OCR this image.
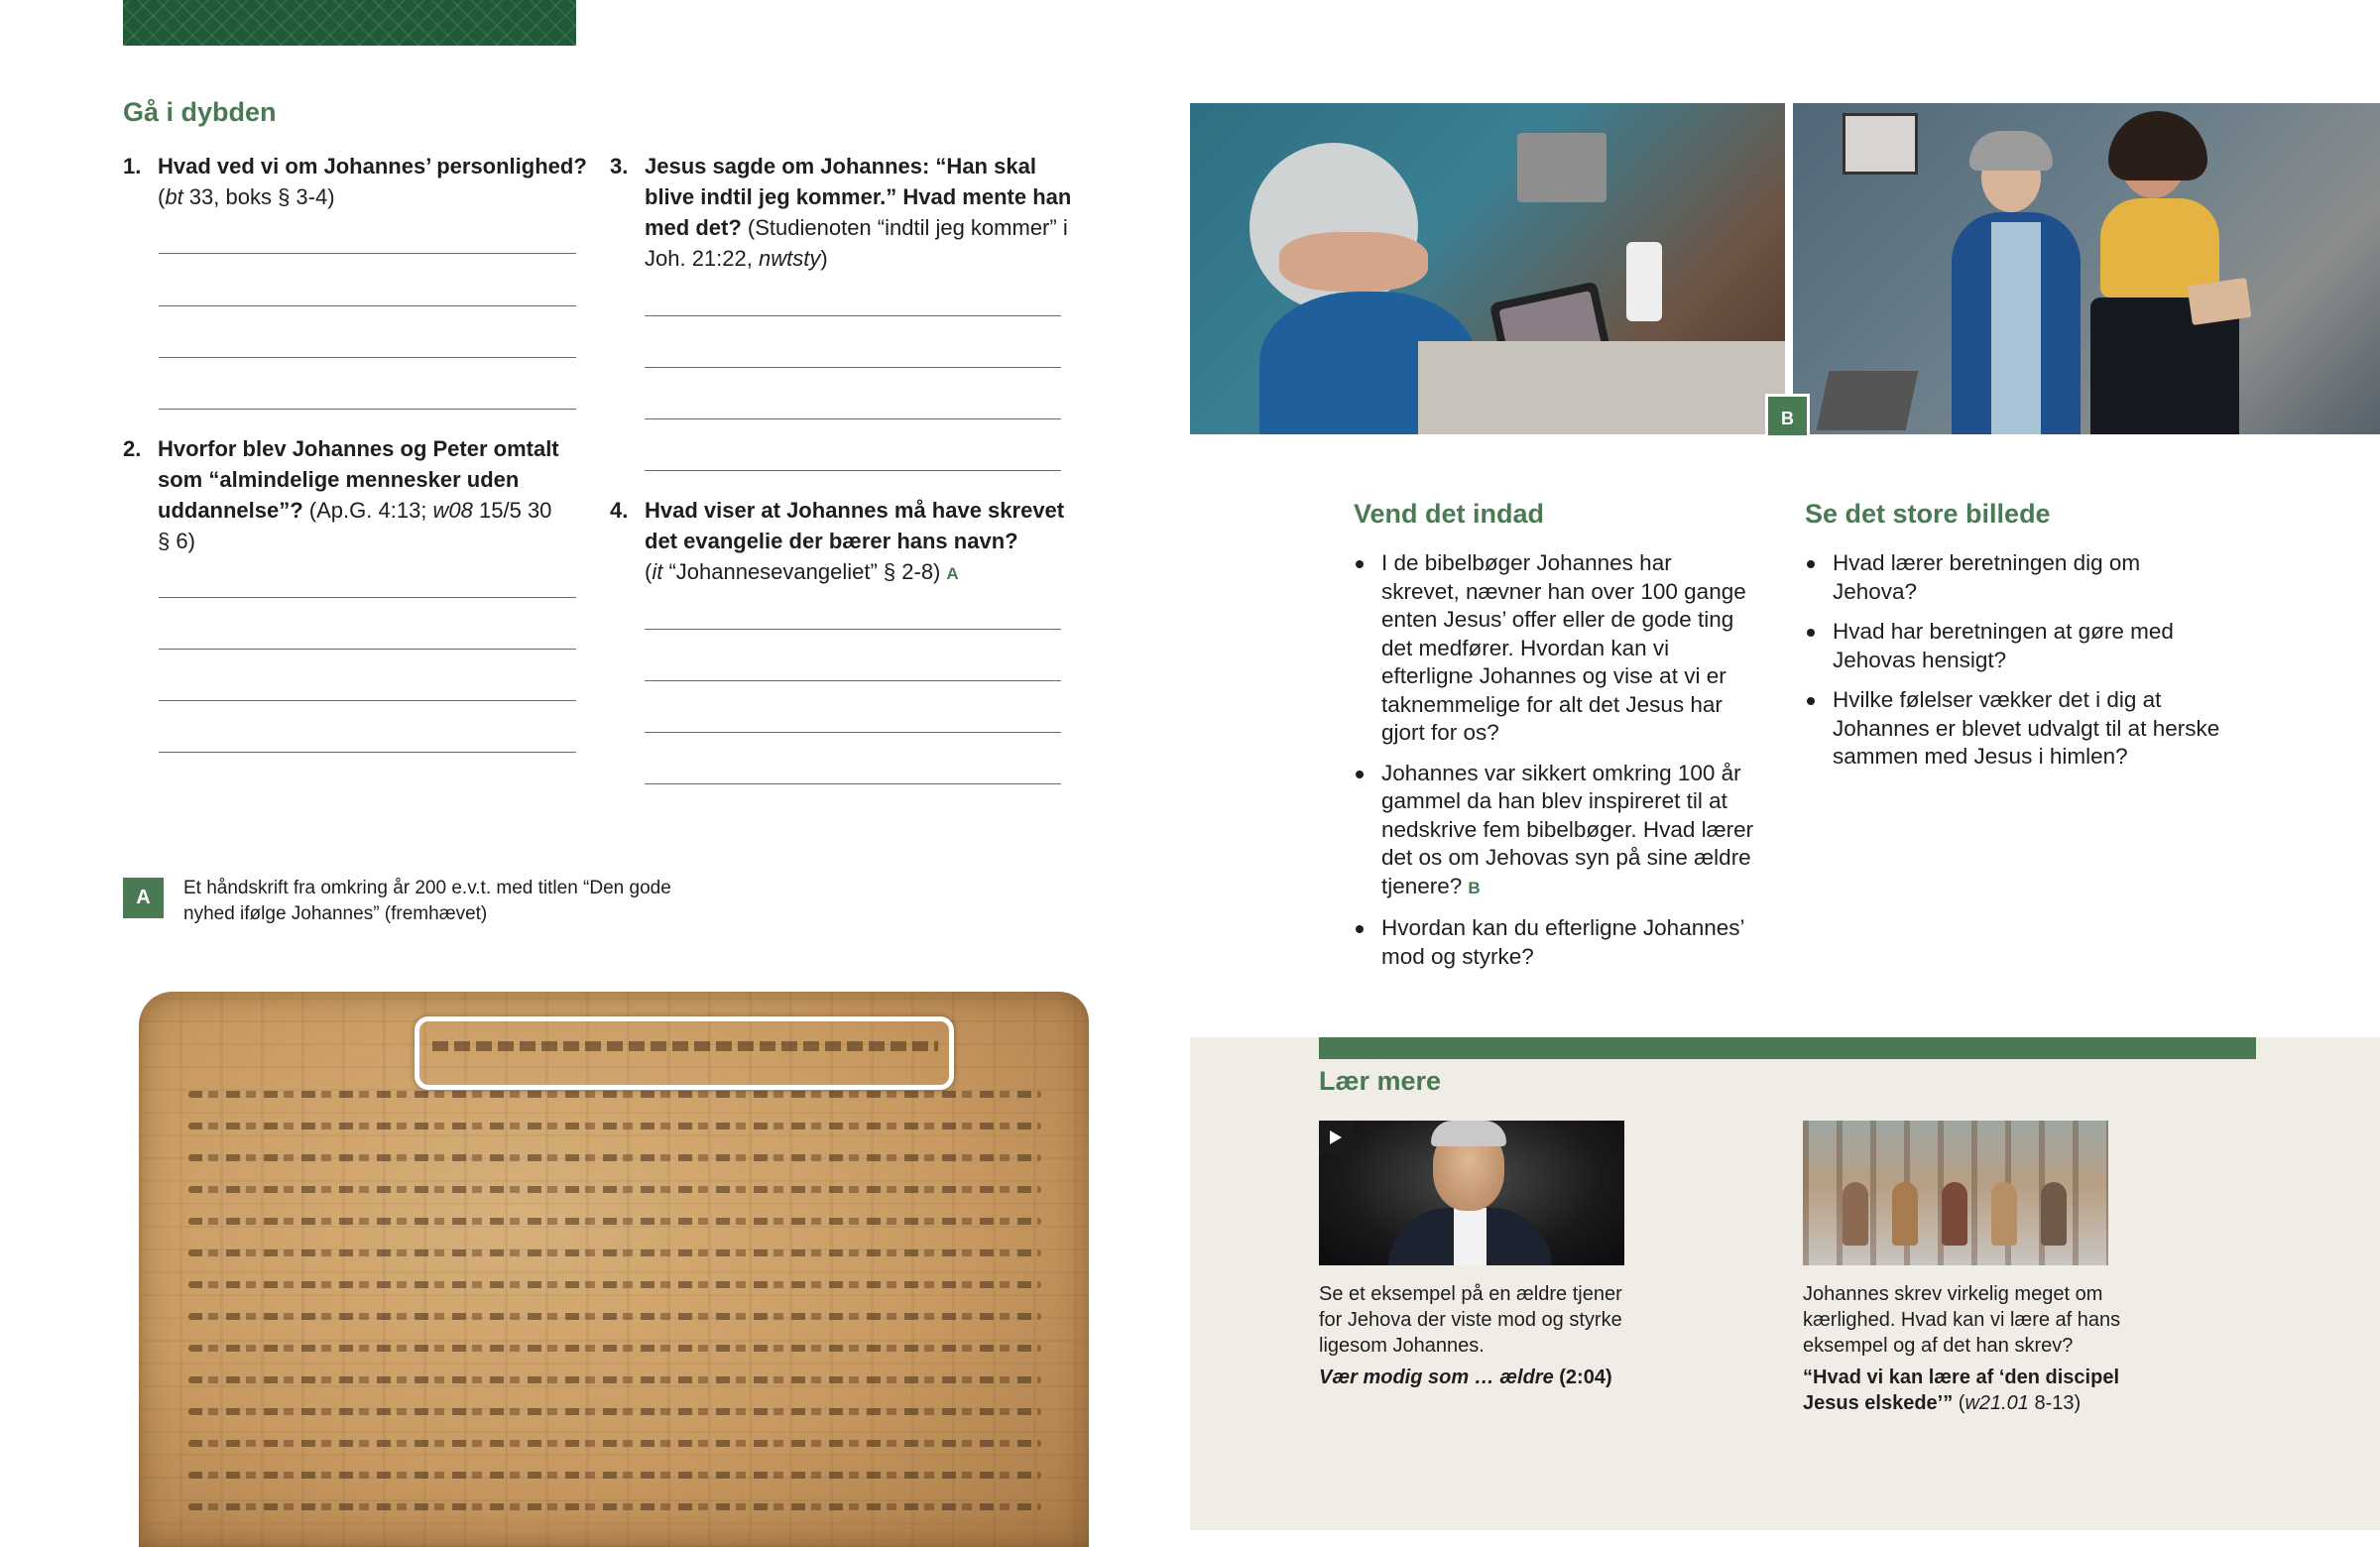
Gå i dybden
1. Hvad ved vi om Johannes’ personlighed?
(bt 33, boks § 3-4)
2. Hvorfor blev Johannes og Peter omtalt som “almindelige mennesker uden uddannelse”? (Ap.G. 4:13; w08 15/5 30 § 6)
3. Jesus sagde om Johannes: “Han skal blive indtil jeg kommer.” Hvad mente han med det? (Studienoten “indtil jeg kommer” i Joh. 21:22, nwtsty)
4. Hvad viser at Johannes må have skrevet det evangelie der bærer hans navn?
(it “Johannesevangeliet” § 2-8) A
A	Et håndskrift fra omkring år 200 e.v.t. med titlen “Den gode nyhed ifølge Johannes” (fremhævet)
B
Vend det indad
I de bibelbøger Johannes har skrevet, nævner han over 100 gange enten Jesus’ offer eller de gode ting det medfører. Hvordan kan vi efterligne Johannes og vise at vi er taknemmelige for alt det Jesus har gjort for os?
Johannes var sikkert omkring 100 år gammel da han blev inspireret til at nedskrive fem bibelbøger. Hvad lærer det os om Jehovas syn på sine ældre tjenere? B
Hvordan kan du efterligne Johannes’ mod og styrke?
Se det store billede
Hvad lærer beretningen dig om Jehova?
Hvad har beretningen at gøre med Jehovas hensigt?
Hvilke følelser vækker det i dig at Johannes er blevet udvalgt til at herske sammen med Jesus i himlen?
Lær mere
Se et eksempel på en ældre tjener for Jehova der viste mod og styrke ligesom Johannes.
Vær modig som … ældre (2:04)
Johannes skrev virkelig meget om kærlighed. Hvad kan vi lære af hans eksempel og af det han skrev?
“Hvad vi kan lære af ‘den discipel Jesus elskede’” (w21.01 8-13)
